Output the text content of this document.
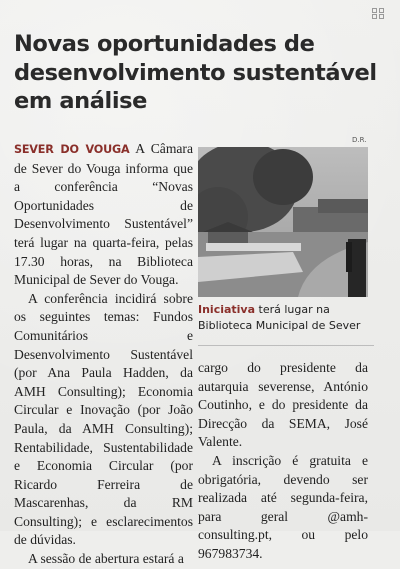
Novas oportunidades de desenvolvimento sustentável em análise

SEVER DO VOUGA A Câmara de Sever do Vouga informa que a conferência “Novas Oportunidades de Desenvolvimento Sustentável” terá lugar na quarta-feira, pelas 17.30 horas, na Biblioteca Municipal de Sever do Vouga.

A conferência incidirá sobre os seguintes temas: Fundos Comunitários e Desenvolvimento Sustentável (por Ana Paula Hadden, da AMH Consulting); Economia Circular e Inovação (por João Paula, da AMH Consulting); Rentabilidade, Sustentabilidade e Economia Circular (por Ricardo Ferreira de Mascarenhas, da RM Consulting); e esclarecimentos de dúvidas.

A sessão de abertura estará a

D.R.
Iniciativa terá lugar na Biblioteca Municipal de Sever

cargo do presidente da autarquia severense, António Coutinho, e do presidente da Direcção da SEMA, José Valente.

A inscrição é gratuita e obrigatória, devendo ser realizada até segunda-feira, para geral @amh-consulting.pt, ou pelo 967983734.
